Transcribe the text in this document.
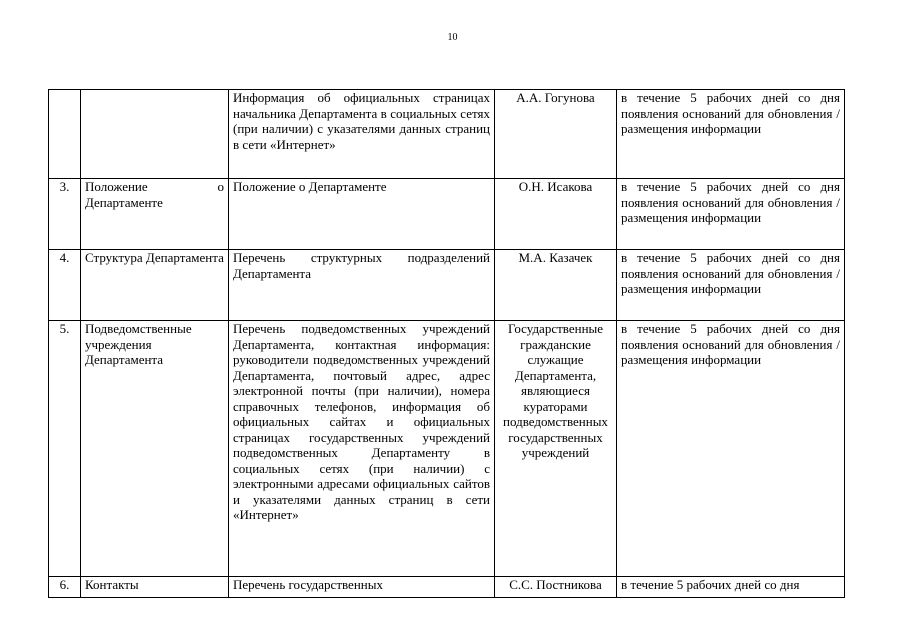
10
		Информация об официальных страницах начальника Департамента в социальных сетях (при наличии) с указателями данных страниц в сети «Интернет»	А.А. Гогунова	в течение 5 рабочих дней со дня появления оснований для обновления /размещения информации
3.	Положение о Департаменте	Положение о Департаменте	О.Н. Исакова	в течение 5 рабочих дней со дня появления оснований для обновления /размещения информации
4.	Структура Департамента	Перечень структурных подразделений Департамента	М.А. Казачек	в течение 5 рабочих дней со дня появления оснований для обновления /размещения информации
5.	Подведомственные учреждения Департамента	Перечень подведомственных учреждений Департамента, контактная информация: руководители подведомственных учреждений Департамента, почтовый адрес, адрес электронной почты (при наличии), номера справочных телефонов, информация об официальных сайтах и официальных страницах государственных учреждений подведомственных Департаменту в социальных сетях (при наличии) с электронными адресами официальных сайтов и указателями данных страниц в сети «Интернет»	Государственные гражданские служащие Департамента, являющиеся кураторами подведомственных государственных учреждений	в течение 5 рабочих дней со дня появления оснований для обновления /размещения информации
6.	Контакты	Перечень государственных	С.С. Постникова	в течение 5 рабочих дней со дня
